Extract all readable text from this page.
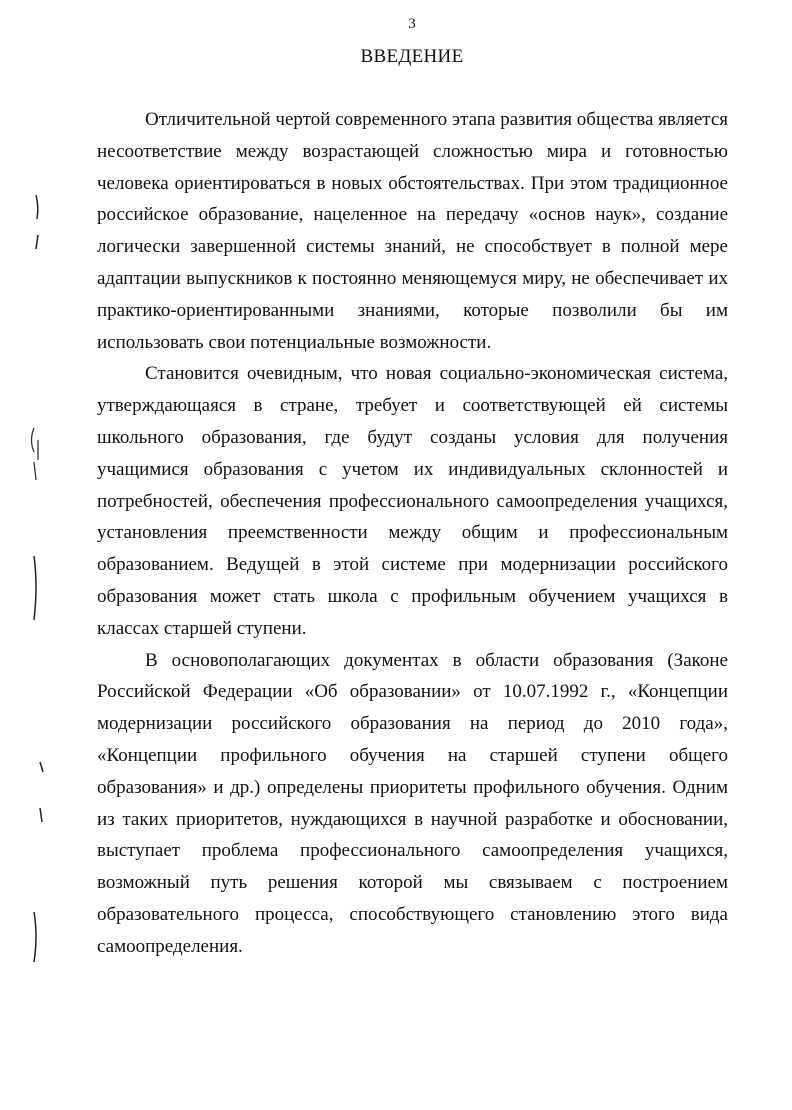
3
ВВЕДЕНИЕ
Отличительной чертой современного этапа развития общества является
несоответствие между возрастающей сложностью мира и готовностью
человека ориентироваться в новых обстоятельствах. При этом традиционное
российское образование, нацеленное на передачу «основ наук», создание
логически завершенной системы знаний, не способствует в полной мере
адаптации выпускников к постоянно меняющемуся миру, не обеспечивает их
практико-ориентированными знаниями, которые позволили бы им
использовать свои потенциальные возможности.
Становится очевидным, что новая социально-экономическая система,
утверждающаяся в стране, требует и соответствующей ей системы
школьного образования, где будут созданы условия для получения
учащимися образования с учетом их индивидуальных склонностей и
потребностей, обеспечения профессионального самоопределения учащихся,
установления преемственности между общим и профессиональным
образованием. Ведущей в этой системе при модернизации российского
образования может стать школа с профильным обучением учащихся в
классах старшей ступени.
В основополагающих документах в области образования (Законе
Российской Федерации «Об образовании» от 10.07.1992 г., «Концепции
модернизации российского образования на период до 2010 года»,
«Концепции профильного обучения на старшей ступени общего
образования» и др.) определены приоритеты профильного обучения. Одним
из таких приоритетов, нуждающихся в научной разработке и обосновании,
выступает проблема профессионального самоопределения учащихся,
возможный путь решения которой мы связываем с построением
образовательного процесса, способствующего становлению этого вида
самоопределения.
